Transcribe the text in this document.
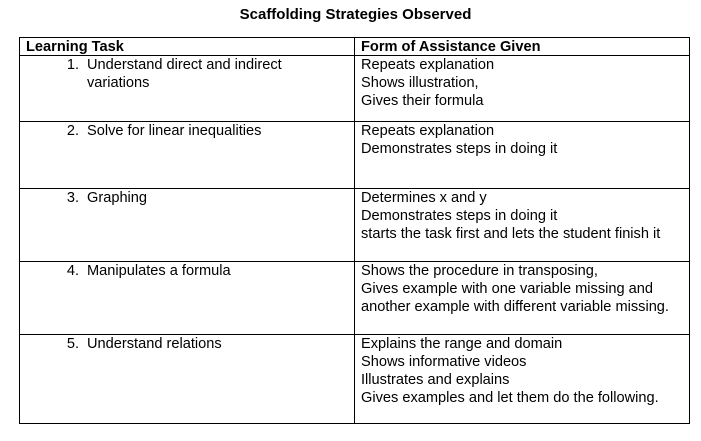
Scaffolding Strategies Observed
Learning Task	Form of Assistance Given

1. Understand direct and indirect variations	Repeats explanation
Shows illustration,
Gives their formula

2. Solve for linear inequalities	Repeats explanation
Demonstrates steps in doing it

3. Graphing	Determines x and y
Demonstrates steps in doing it
starts the task first and lets the student finish it

4. Manipulates a formula	Shows the procedure in transposing,
Gives example with one variable missing and another example with different variable missing.

5. Understand relations	Explains the range and domain
Shows informative videos
Illustrates and explains
Gives examples and let them do the following.
